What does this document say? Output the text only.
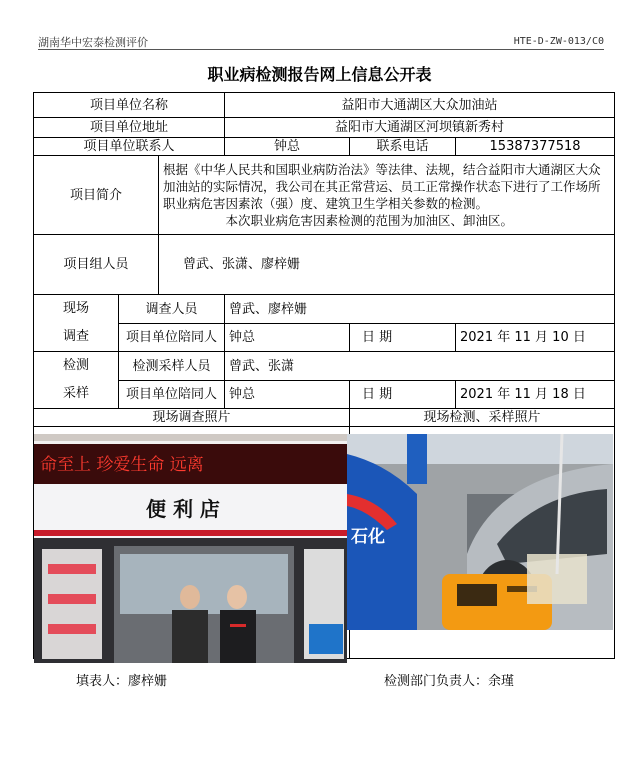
湖南华中宏泰检测评价	HTE-D-ZW-013/C0
职业病检测报告网上信息公开表
项目单位名称			益阳市大通湖区大众加油站		
项目单位地址			益阳市大通湖区河坝镇新秀村		
项目单位联系人			钟总	联系电话	15387377518
项目简介		根据《中华人民共和国职业病防治法》等法律、法规，结合益阳市大通湖区大众加油站的实际情况，我公司在其正常营运、员工正常操作状态下进行了工作场所职业病危害因素浓（强）度、建筑卫生学相关参数的检测。

本次职业病危害因素检测的范围为加油区、卸油区。			

项目组人员		曾武、张潇、廖梓姗			

现场
调查	调查人员		曾武、廖梓姗		
	项目单位陪同人		钟总	日 期	2021 年 11 月 10 日

检测
采样	检测采样人员		曾武、张潇		
	项目单位陪同人		钟总	日 期	2021 年 11 月 18 日
现场调查照片				现场检测、采样照片	

命至上 珍爱生命 远离
便 利 店
石化
填表人：廖梓姗	检测部门负责人：余瑾
